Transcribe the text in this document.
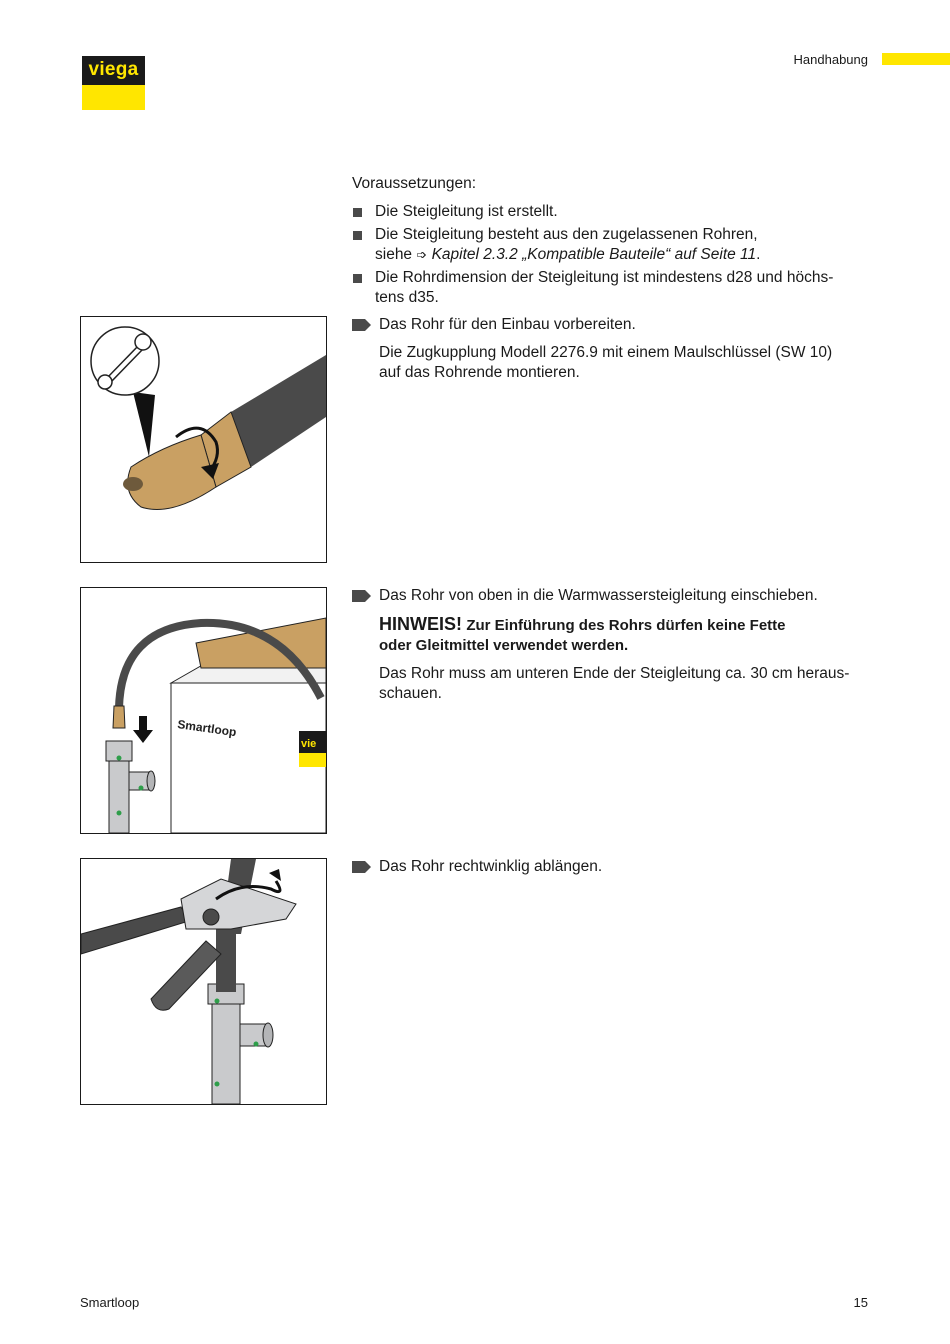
viega	Handhabung

Voraussetzungen:

Die Steigleitung ist erstellt.
Die Steigleitung besteht aus den zugelassenen Rohren,
siehe ➩ Kapitel 2.3.2 „Kompatible Bauteile“ auf Seite 11.
Die Rohrdimension der Steigleitung ist mindestens d28 und höchs-
tens d35.
Das Rohr für den Einbau vorbereiten.
Die Zugkupplung Modell 2276.9 mit einem Maulschlüssel (SW 10)
auf das Rohrende montieren.
Das Rohr von oben in die Warmwassersteigleitung einschieben.
HINWEIS! Zur Einführung des Rohrs dürfen keine Fette
oder Gleitmittel verwendet werden.
Das Rohr muss am unteren Ende der Steigleitung ca. 30 cm heraus-
schauen.
Das Rohr rechtwinklig ablängen.
Smartloop
vie
Smartloop	15
